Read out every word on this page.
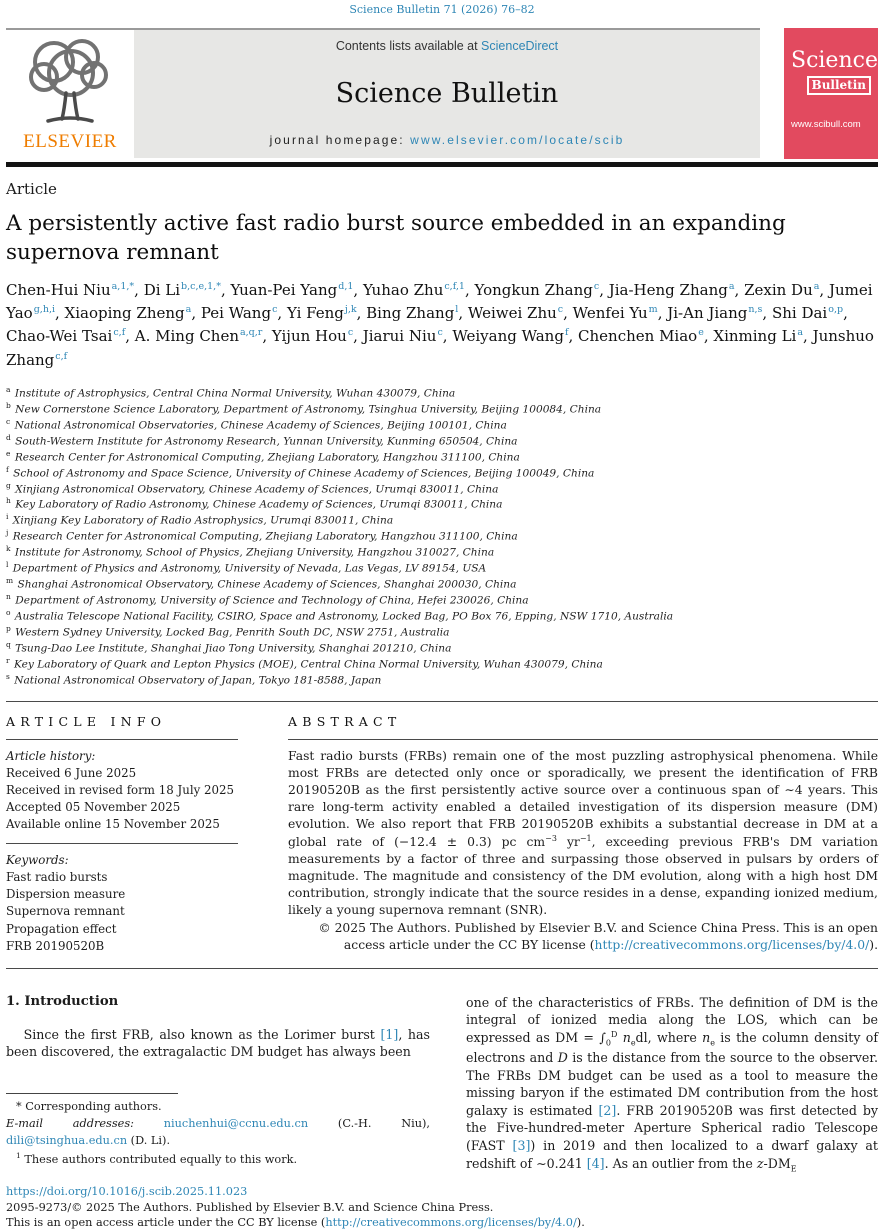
Science Bulletin 71 (2026) 76–82
ELSEVIER
Contents lists available at ScienceDirect
Science Bulletin
journal homepage: www.elsevier.com/locate/scib
Science
Bulletin
www.scibull.com
Article
A persistently active fast radio burst source embedded in an expanding supernova remnant
Chen-Hui Niu$^{a,1,*}$, Di $Li^{b,c,e,1,*}$, Yuan-Pei Yang$^{d,1}$, Yuhao Zhu$^{c,f,1}$, Yongkun Zhang$^c$, Jia-Heng Zhang$^a$, Zexin Du$^a$, Jumei Yao$^{g,h,i}$, Xiaoping Zheng$^a$, Pei Wang$^c$, Yi Feng$^{j,k}$, Bing Zhang$^l$, Weiwei Zhu$^c$, Wenfei Yu$^m$, Ji-An Jiang$^{n,s}$, Shi Dai$^{o,p}$, Chao-Wei Tsai$^{c,f}$, A. Ming Chen$^{a,q,r}$, Yijun Hou$^c$, Jiarui Niu$^c$, Weiyang Wang$^f$, Chenchen Miao$^e$, Xinming Li$^a$, Junshuo Zhang$^{c,f}$
$^a$ Institute of Astrophysics, Central China Normal University, Wuhan 430079, China
$^b$ New Cornerstone Science Laboratory, Department of Astronomy, Tsinghua University, Beijing 100084, China
$^c$ National Astronomical Observatories, Chinese Academy of Sciences, Beijing 100101, China
$^d$ South-Western Institute for Astronomy Research, Yunnan University, Kunming 650504, China
$^e$ Research Center for Astronomical Computing, Zhejiang Laboratory, Hangzhou 311100, China
$^f$ School of Astronomy and Space Science, University of Chinese Academy of Sciences, Beijing 100049, China
$^g$ Xinjiang Astronomical Observatory, Chinese Academy of Sciences, Urumqi 830011, China
$^h$ Key Laboratory of Radio Astronomy, Chinese Academy of Sciences, Urumqi 830011, China
$^i$ Xinjiang Key Laboratory of Radio Astrophysics, Urumqi 830011, China
$^j$ Research Center for Astronomical Computing, Zhejiang Laboratory, Hangzhou 311100, China
$^k$ Institute for Astronomy, School of Physics, Zhejiang University, Hangzhou 310027, China
$^l$ Department of Physics and Astronomy, University of Nevada, Las Vegas, LV 89154, USA
$^m$ Shanghai Astronomical Observatory, Chinese Academy of Sciences, Shanghai 200030, China
$^n$ Department of Astronomy, University of Science and Technology of China, Hefei 230026, China
$^o$ Australia Telescope National Facility, CSIRO, Space and Astronomy, Locked Bag, PO Box 76, Epping, NSW 1710, Australia
$^p$ Western Sydney University, Locked Bag, Penrith South DC, NSW 2751, Australia
$^q$ Tsung-Dao Lee Institute, Shanghai Jiao Tong University, Shanghai 201210, China
$^r$ Key Laboratory of Quark and Lepton Physics (MOE), Central China Normal University, Wuhan 430079, China
$^s$ National Astronomical Observatory of Japan, Tokyo 181-8588, Japan
ARTICLE INFO
Article history:
Received 6 June 2025
Received in revised form 18 July 2025
Accepted 05 November 2025
Available online 15 November 2025
Keywords:
Fast radio bursts
Dispersion measure
Supernova remnant
Propagation effect
FRB 20190520B
ABSTRACT

Fast radio bursts (FRBs) remain one of the most puzzling astrophysical phenomena. While most FRBs are detected only once or sporadically, we present the identification of FRB 20190520B as the first persistently active source over a continuous span of ∼4 years. This rare long-term activity enabled a detailed investigation of its dispersion measure (DM) evolution. We also report that FRB 20190520B exhibits a substantial decrease in DM at a global rate of (−12.4 ± 0.3) pc $cm^{-3}$ $yr^{-1}$, exceeding previous FRB's DM variation measurements by a factor of three and surpassing those observed in pulsars by orders of magnitude. The magnitude and consistency of the DM evolution, along with a high host DM contribution, strongly indicate that the source resides in a dense, expanding ionized medium, likely a young supernova remnant (SNR).

© 2025 The Authors. Published by Elsevier B.V. and Science China Press. This is an open access article under the CC BY license (http://creativecommons.org/licenses/by/4.0/).
1. Introduction

Since the first FRB, also known as the Lorimer burst [1], has been discovered, the extragalactic DM budget has always been

* Corresponding authors.
E-mail addresses: niuchenhui@ccnu.edu.cn (C.-H. Niu), dili@tsinghua.edu.cn (D. Li).
$^1$ These authors contributed equally to this work.

one of the characteristics of FRBs. The definition of DM is the integral of ionized media along the LOS, which can be expressed as DM = $\int_0^D$ $n_edl$, where $n_e$ is the column density of electrons and D is the distance from the source to the observer. The FRBs DM budget can be used as a tool to measure the missing baryon if the estimated DM contribution from the host galaxy is estimated [2]. FRB 20190520B was first detected by the Five-hundred-meter Aperture Spherical radio Telescope (FAST [3]) in 2019 and then localized to a dwarf galaxy at redshift of ∼0.241 [4]. As an outlier from the $z-DM_E$

https://doi.org/10.1016/j.scib.2025.11.023
2095-9273/© 2025 The Authors. Published by Elsevier B.V. and Science China Press.
This is an open access article under the CC BY license (http://creativecommons.org/licenses/by/4.0/).
